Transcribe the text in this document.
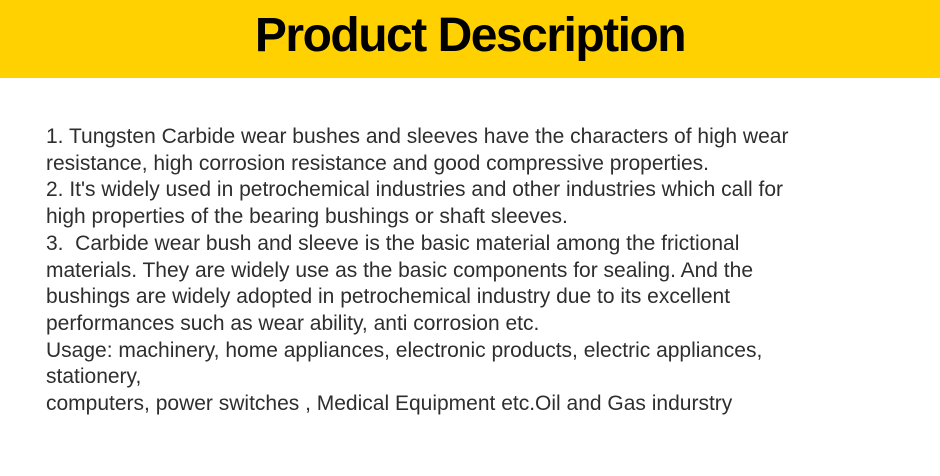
Product Description
1. Tungsten Carbide wear bushes and sleeves have the characters of high wear
resistance, high corrosion resistance and good compressive properties.
2. It's widely used in petrochemical industries and other industries which call for
high properties of the bearing bushings or shaft sleeves.
3.  Carbide wear bush and sleeve is the basic material among the frictional
materials. They are widely use as the basic components for sealing. And the
bushings are widely adopted in petrochemical industry due to its excellent
performances such as wear ability, anti corrosion etc.
Usage: machinery, home appliances, electronic products, electric appliances,
stationery,
computers, power switches , Medical Equipment etc.Oil and Gas indurstry
